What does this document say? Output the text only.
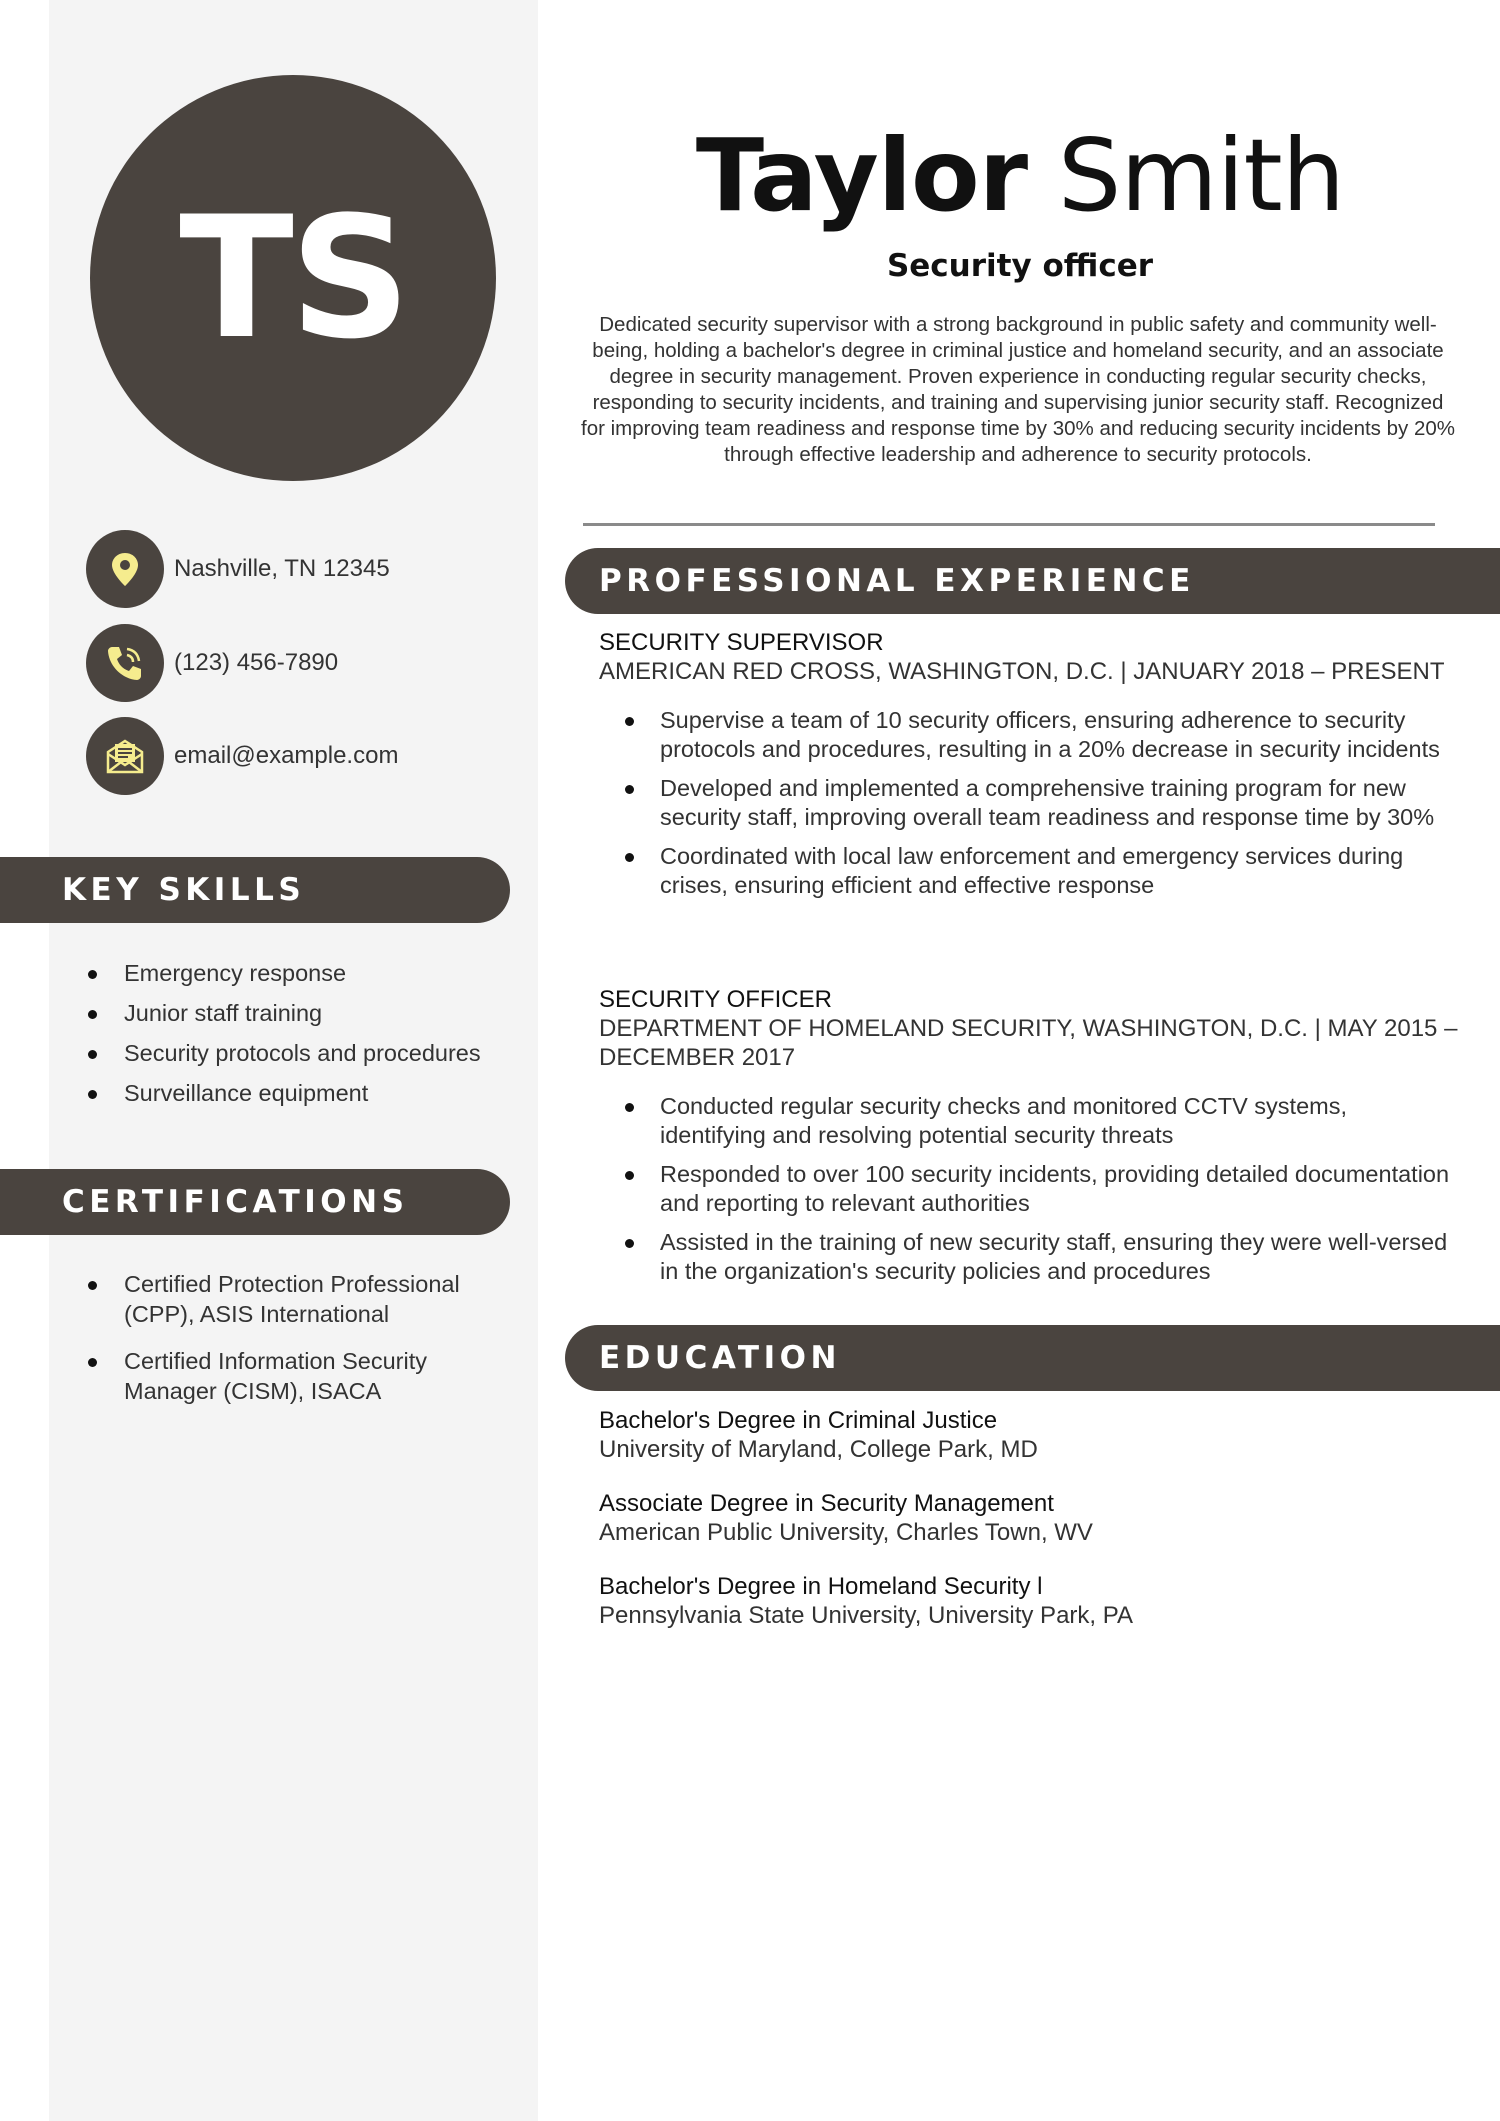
TS
Nashville, TN 12345
(123) 456-7890
email@example.com
KEY SKILLS
Emergency response
Junior staff training
Security protocols and procedures
Surveillance equipment
CERTIFICATIONS
Certified Protection Professional (CPP), ASIS International
Certified Information Security Manager (CISM), ISACA
Taylor Smith
Security officer
Dedicated security supervisor with a strong background in public safety and community well-being, holding a bachelor's degree in criminal justice and homeland security, and an associate degree in security management. Proven experience in conducting regular security checks, responding to security incidents, and training and supervising junior security staff. Recognized for improving team readiness and response time by 30% and reducing security incidents by 20% through effective leadership and adherence to security protocols.
PROFESSIONAL EXPERIENCE
SECURITY SUPERVISOR
AMERICAN RED CROSS, WASHINGTON, D.C. | JANUARY 2018 – PRESENT
Supervise a team of 10 security officers, ensuring adherence to security protocols and procedures, resulting in a 20% decrease in security incidents
Developed and implemented a comprehensive training program for new security staff, improving overall team readiness and response time by 30%
Coordinated with local law enforcement and emergency services during crises, ensuring efficient and effective response
SECURITY OFFICER
DEPARTMENT OF HOMELAND SECURITY, WASHINGTON, D.C. | MAY 2015 – DECEMBER 2017
Conducted regular security checks and monitored CCTV systems, identifying and resolving potential security threats
Responded to over 100 security incidents, providing detailed documentation and reporting to relevant authorities
Assisted in the training of new security staff, ensuring they were well-versed in the organization's security policies and procedures
EDUCATION
Bachelor's Degree in Criminal Justice
University of Maryland, College Park, MD
Associate Degree in Security Management
American Public University, Charles Town, WV
Bachelor's Degree in Homeland Security l
Pennsylvania State University, University Park, PA
